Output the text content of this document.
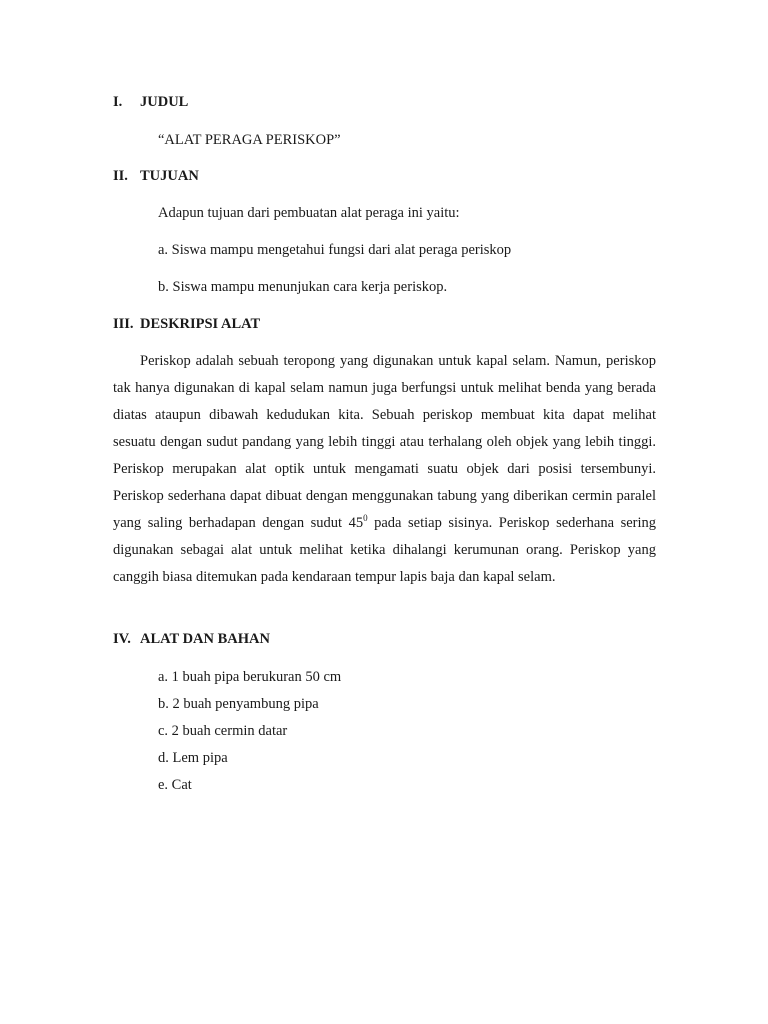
I. JUDUL
“ALAT PERAGA PERISKOP”
II. TUJUAN
Adapun tujuan dari pembuatan alat peraga ini yaitu:
a. Siswa mampu mengetahui fungsi dari alat peraga periskop
b. Siswa mampu menunjukan cara kerja periskop.
III. DESKRIPSI ALAT

Periskop adalah sebuah teropong yang digunakan untuk kapal selam. Namun, periskop tak hanya digunakan di kapal selam namun juga berfungsi untuk melihat benda yang berada diatas ataupun dibawah kedudukan kita. Sebuah periskop membuat kita dapat melihat sesuatu dengan sudut pandang yang lebih tinggi atau terhalang oleh objek yang lebih tinggi. Periskop merupakan alat optik untuk mengamati suatu objek dari posisi tersembunyi. Periskop sederhana dapat dibuat dengan menggunakan tabung yang diberikan cermin paralel yang saling berhadapan dengan sudut $45^0$ pada setiap sisinya. Periskop sederhana sering digunakan sebagai alat untuk melihat ketika dihalangi kerumunan orang. Periskop yang canggih biasa ditemukan pada kendaraan tempur lapis baja dan kapal selam.

IV. ALAT DAN BAHAN
a. 1 buah pipa berukuran 50 cm
b. 2 buah penyambung pipa
c. 2 buah cermin datar
d. Lem pipa
e. Cat
